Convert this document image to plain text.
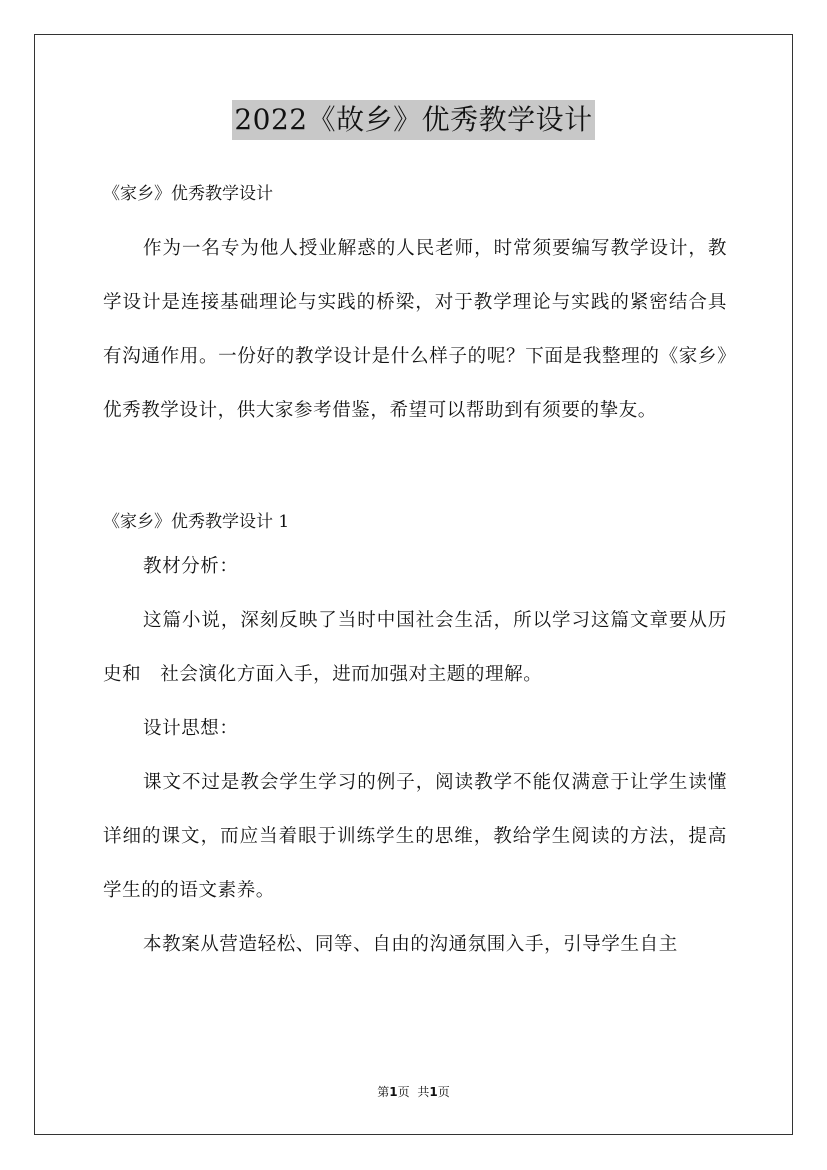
2022《故乡》优秀教学设计

《家乡》优秀教学设计

作为一名专为他人授业解惑的人民老师，时常须要编写教学设计，教学设计是连接基础理论与实践的桥梁，对于教学理论与实践的紧密结合具有沟通作用。一份好的教学设计是什么样子的呢？下面是我整理的《家乡》优秀教学设计，供大家参考借鉴，希望可以帮助到有须要的挚友。

《家乡》优秀教学设计 1

教材分析：

这篇小说，深刻反映了当时中国社会生活，所以学习这篇文章要从历史和　社会演化方面入手，进而加强对主题的理解。

设计思想：

课文不过是教会学生学习的例子，阅读教学不能仅满意于让学生读懂详细的课文，而应当着眼于训练学生的思维，教给学生阅读的方法，提高学生的的语文素养。

本教案从营造轻松、同等、自由的沟通氛围入手，引导学生自主

第1页 共1页
